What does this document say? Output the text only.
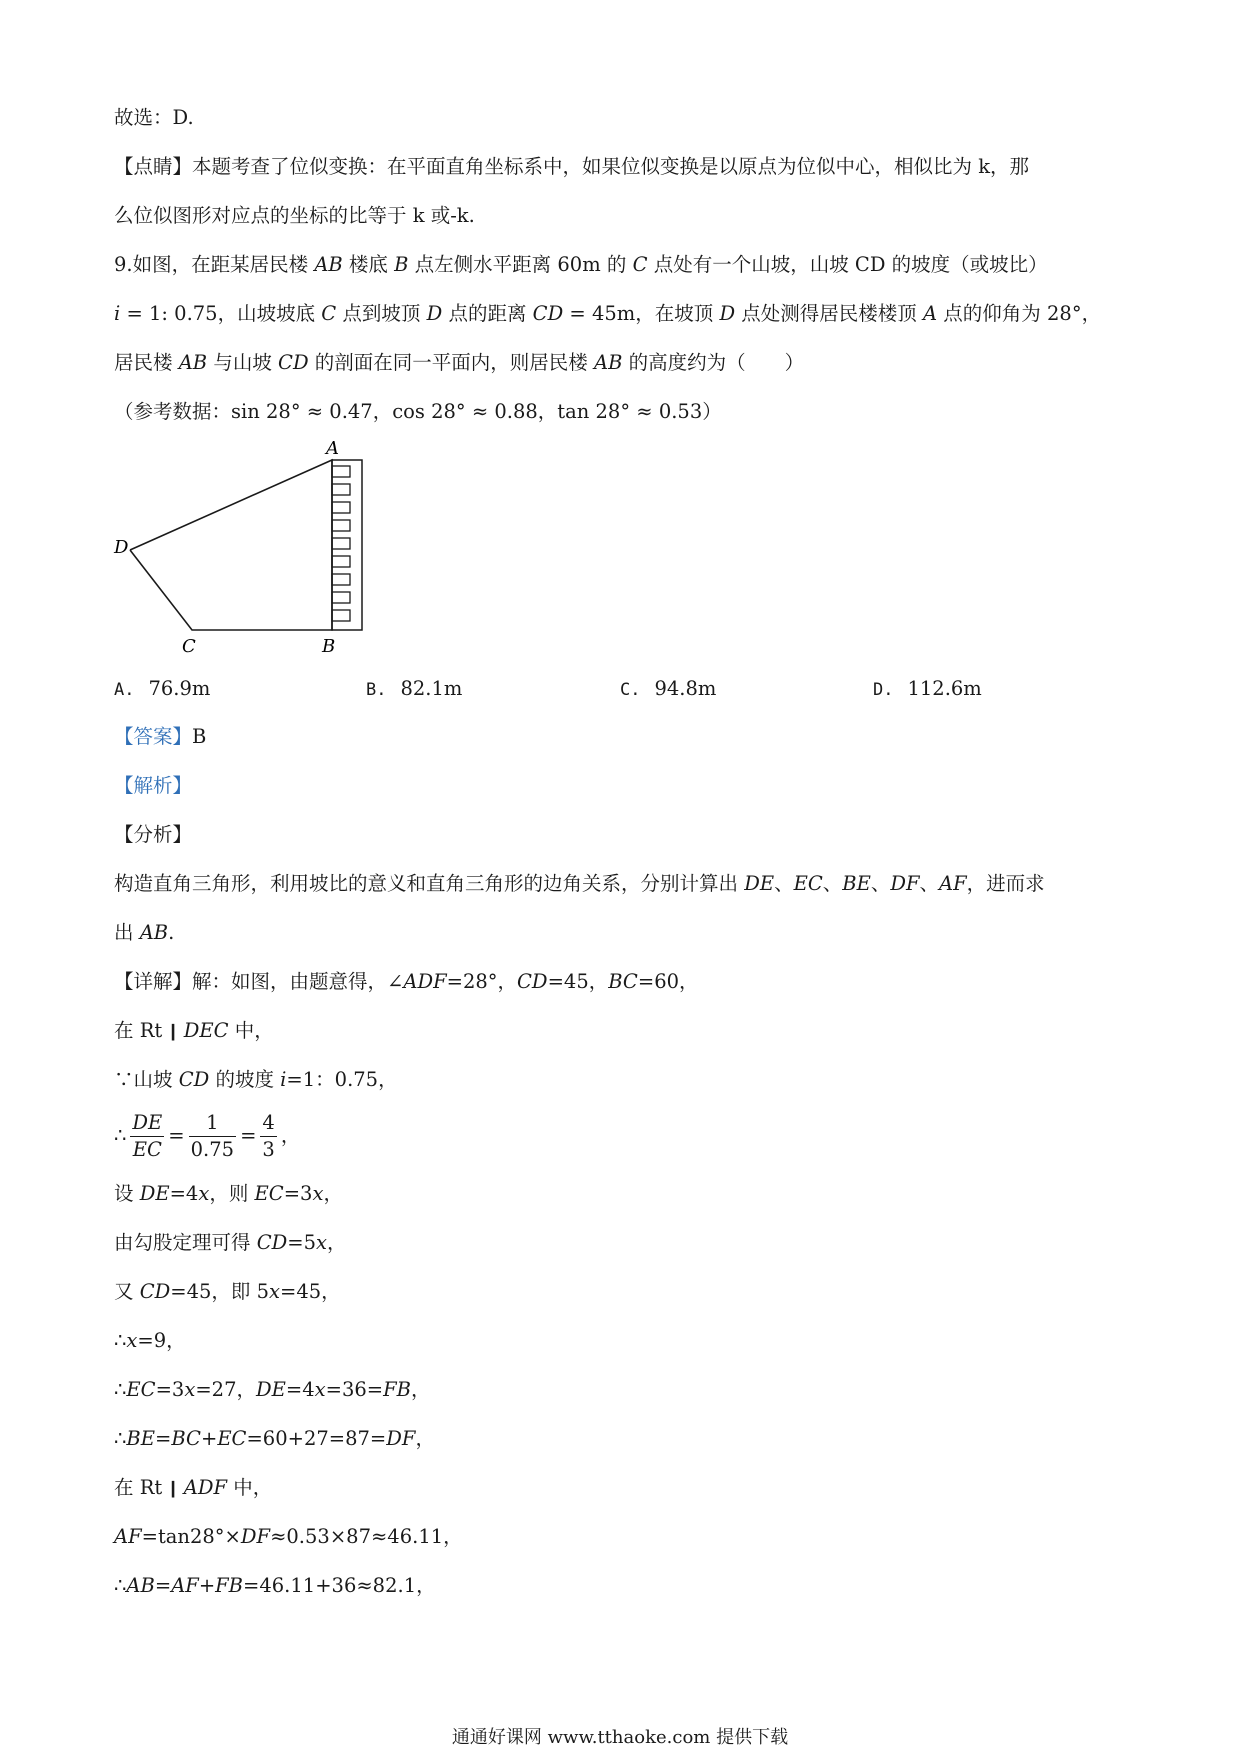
故选：D.
【点睛】本题考查了位似变换：在平面直角坐标系中，如果位似变换是以原点为位似中心，相似比为 k，那
么位似图形对应点的坐标的比等于 k 或-k.
9.如图，在距某居民楼 AB 楼底 B 点左侧水平距离 60m 的 C 点处有一个山坡，山坡 CD 的坡度（或坡比）
i = 1: 0.75，山坡坡底 C 点到坡顶 D 点的距离 CD = 45m，在坡顶 D 点处测得居民楼楼顶 A 点的仰角为 28°，
居民楼 AB 与山坡 CD 的剖面在同一平面内，则居民楼 AB 的高度约为（　　）
（参考数据：sin 28° ≈ 0.47，cos 28° ≈ 0.88，tan 28° ≈ 0.53）
A
D
C	B
A. 76.9m	B. 82.1m	C. 94.8m	D. 112.6m
【答案】B
【解析】
【分析】
构造直角三角形，利用坡比的意义和直角三角形的边角关系，分别计算出 DE、EC、BE、DF、AF，进而求
出 AB.
【详解】解：如图，由题意得，∠ADF=28°，CD=45，BC=60，
在 Rt▕▏DEC 中，
∵山坡 CD 的坡度 i=1：0.75，
∴ $\frac{DE}{EC} = \frac{1}{0.75} = \frac{4}{3}$ ，
设 DE=4x，则 EC=3x，
由勾股定理可得 CD=5x，
又 CD=45，即 5x=45，
∴x=9，
∴EC=3x=27，DE=4x=36=FB，
∴BE=BC+EC=60+27=87=DF，
在 Rt▕▏ADF 中，
AF=tan28°×DF≈0.53×87≈46.11，
∴AB=AF+FB=46.11+36≈82.1，
通通好课网 www.tthaoke.com 提供下载
